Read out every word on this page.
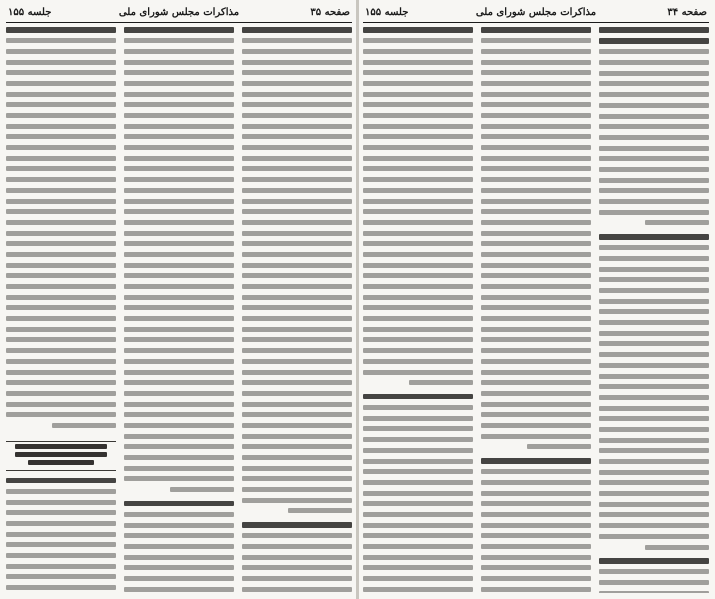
صفحه ۳۵
مذاکرات مجلس شورای ملی
جلسه ۱۵۵	صفحه ۳۴
مذاکرات مجلس شورای ملی
جلسه ۱۵۵
